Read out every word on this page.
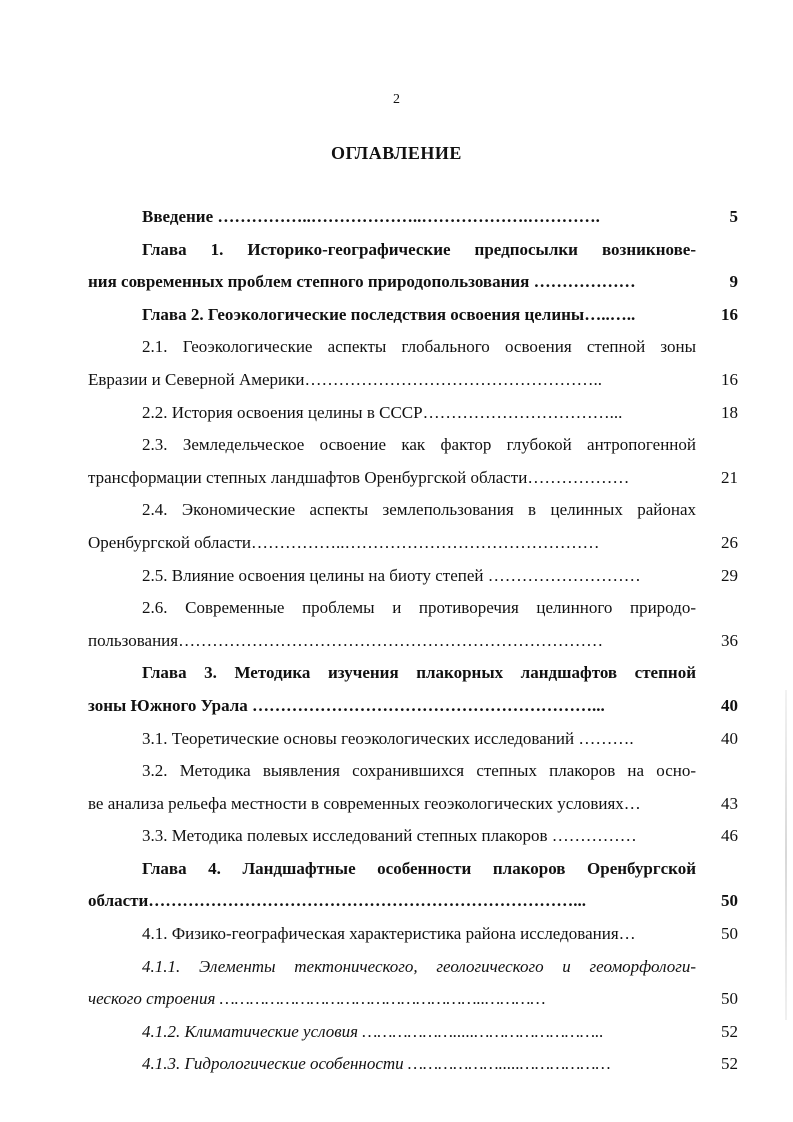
2
ОГЛАВЛЕНИЕ
Введение ……………..………………..……………….………….	5
Глава 1. Историко-географические предпосылки возникнове-
ния современных проблем степного природопользования ………………	9
Глава 2. Геоэкологические последствия освоения целины…..…..	16
2.1. Геоэкологические аспекты глобального освоения степной зоны
Евразии и Северной Америки……………………………………………..	16
2.2. История освоения целины в СССР……………………………...	18
2.3. Земледельческое освоение как фактор глубокой антропогенной
трансформации степных ландшафтов Оренбургской области………………	21
2.4. Экономические аспекты землепользования в целинных районах
Оренбургской области……………..………………………………………	26
2.5. Влияние освоения целины на биоту степей ………………………	29
2.6. Современные проблемы и противоречия целинного природо-
пользования…………………………………………………………………	36
Глава 3. Методика изучения плакорных ландшафтов степной
зоны Южного Урала ……………………………………………………...	40
3.1. Теоретические основы геоэкологических исследований ……….	40
3.2. Методика выявления сохранившихся степных плакоров на осно-
ве анализа рельефа местности в современных геоэкологических условиях…	43
3.3. Методика полевых исследований степных плакоров ……………	46
Глава 4. Ландшафтные особенности плакоров Оренбургской
области…………………………………………………………………...	50
4.1. Физико-географическая характеристика района исследования…	50
4.1.1. Элементы тектонического, геологического и геоморфологи-
ческого строения ……………………………………………..…………	50
4.1.2. Климатические условия ……………….....……………………..	52
4.1.3. Гидрологические особенности ……………….....………………	52
